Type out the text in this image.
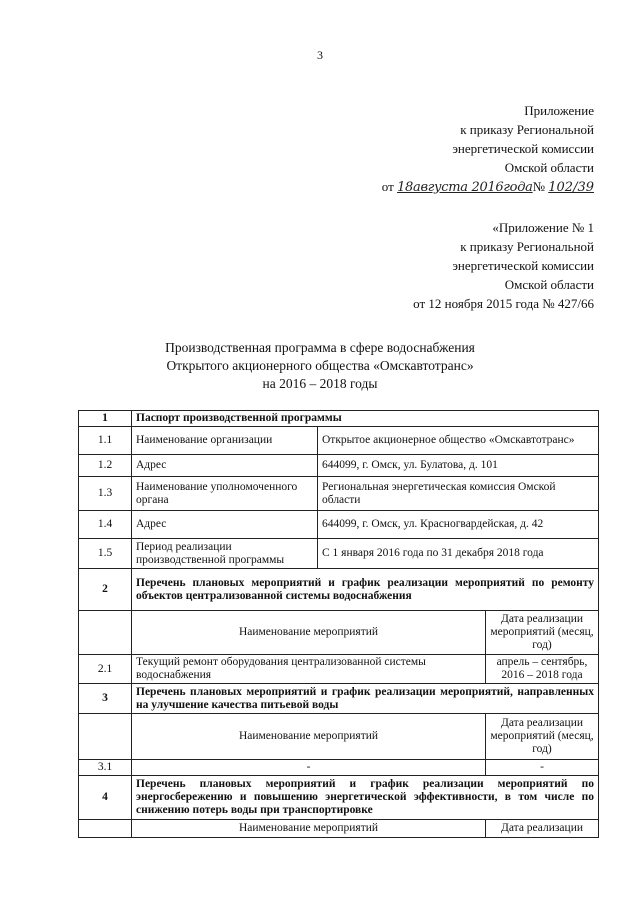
3
Приложение
к приказу Региональной
энергетической комиссии
Омской области
от 18августа 2016года№ 102/39
«Приложение № 1
к приказу Региональной
энергетической комиссии
Омской области
от 12 ноября 2015 года № 427/66
Производственная программа в сфере водоснабжения
Открытого акционерного общества «Омскавтотранс»
на 2016 – 2018 годы
1	Паспорт производственной программы		
1.1	Наименование организации	Открытое акционерное общество «Омскавтотранс»	
1.2	Адрес	644099, г. Омск, ул. Булатова, д. 101	
1.3	Наименование уполномоченного органа	Региональная энергетическая комиссия Омской области	
1.4	Адрес	644099, г. Омск, ул. Красногвардейская, д. 42	
1.5	Период реализации производственной программы	С 1 января 2016 года по 31 декабря 2018 года	
2	Перечень плановых мероприятий и график реализации мероприятий по ремонту объектов централизованной системы водоснабжения		
	Наименование мероприятий		Дата реализации мероприятий (месяц, год)
2.1	Текущий ремонт оборудования централизованной системы водоснабжения		апрель – сентябрь, 2016 – 2018 года
3	Перечень плановых мероприятий и график реализации мероприятий, направленных на улучшение качества питьевой воды		
	Наименование мероприятий		Дата реализации мероприятий (месяц, год)
3.1	-		-
4	Перечень плановых мероприятий и график реализации мероприятий по энергосбережению и повышению энергетической эффективности, в том числе по снижению потерь воды при транспортировке		
	Наименование мероприятий		Дата реализации
